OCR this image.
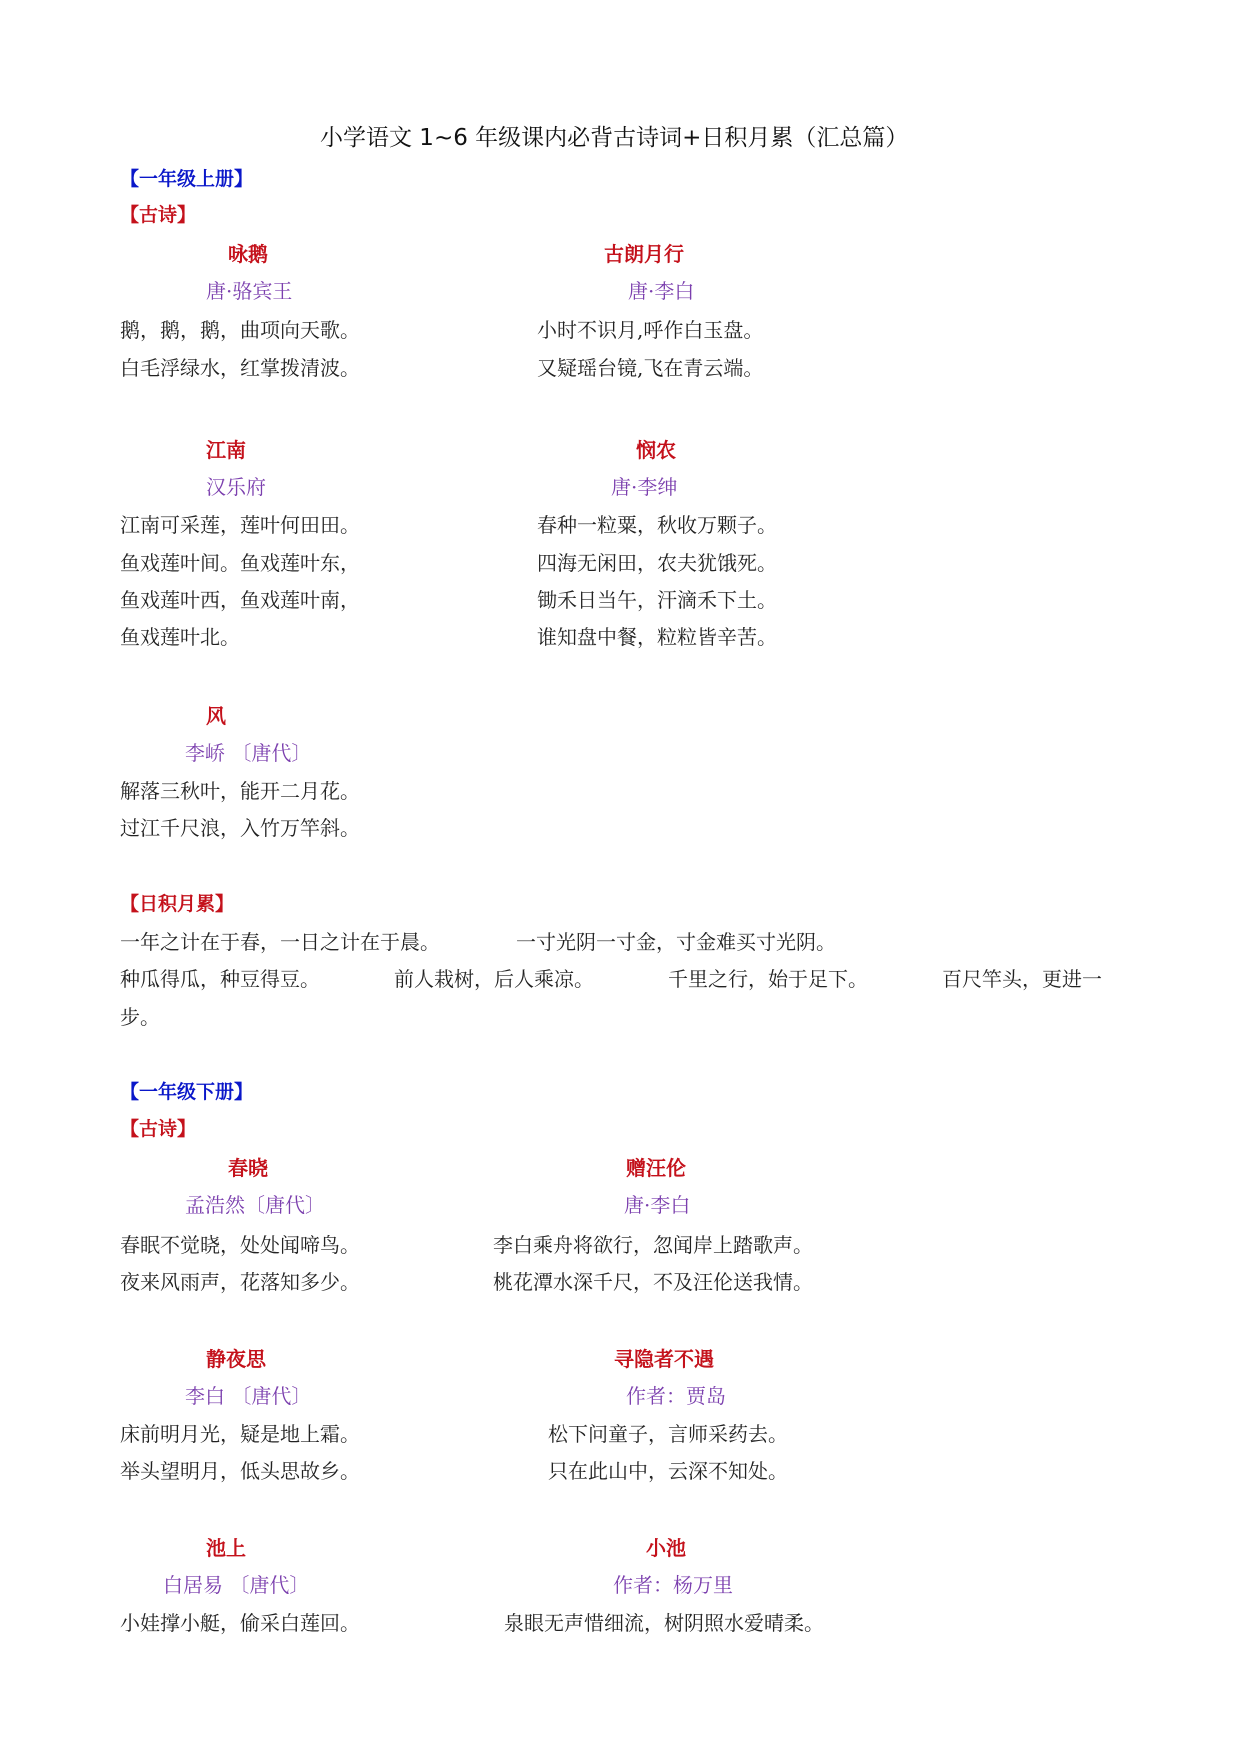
小学语文 1~6 年级课内必背古诗词+日积月累（汇总篇）
【一年级上册】
【古诗】
咏鹅
唐·骆宾王
鹅，鹅，鹅，曲项向天歌。
白毛浮绿水，红掌拨清波。
古朗月行
唐·李白
小时不识月,呼作白玉盘。
又疑瑶台镜,飞在青云端。
江南
汉乐府
江南可采莲，莲叶何田田。
鱼戏莲叶间。鱼戏莲叶东，
鱼戏莲叶西，鱼戏莲叶南，
鱼戏莲叶北。
悯农
唐·李绅
春种一粒粟，秋收万颗子。
四海无闲田，农夫犹饿死。
锄禾日当午，汗滴禾下土。
谁知盘中餐，粒粒皆辛苦。
风
李峤 〔唐代〕
解落三秋叶，能开二月花。
过江千尺浪，入竹万竿斜。
【日积月累】
一年之计在于春，一日之计在于晨。	一寸光阴一寸金，寸金难买寸光阴。
种瓜得瓜，种豆得豆。	前人栽树，后人乘凉。	千里之行，始于足下。	百尺竿头，更进一
步。
【一年级下册】
【古诗】
春晓
孟浩然〔唐代〕
春眠不觉晓，处处闻啼鸟。
夜来风雨声，花落知多少。
赠汪伦
唐·李白
李白乘舟将欲行，忽闻岸上踏歌声。
桃花潭水深千尺，不及汪伦送我情。
静夜思
李白 〔唐代〕
床前明月光，疑是地上霜。
举头望明月，低头思故乡。
寻隐者不遇
作者：贾岛
松下问童子，言师采药去。
只在此山中，云深不知处。
池上
白居易 〔唐代〕
小娃撑小艇，偷采白莲回。
小池
作者：杨万里
泉眼无声惜细流，树阴照水爱晴柔。
